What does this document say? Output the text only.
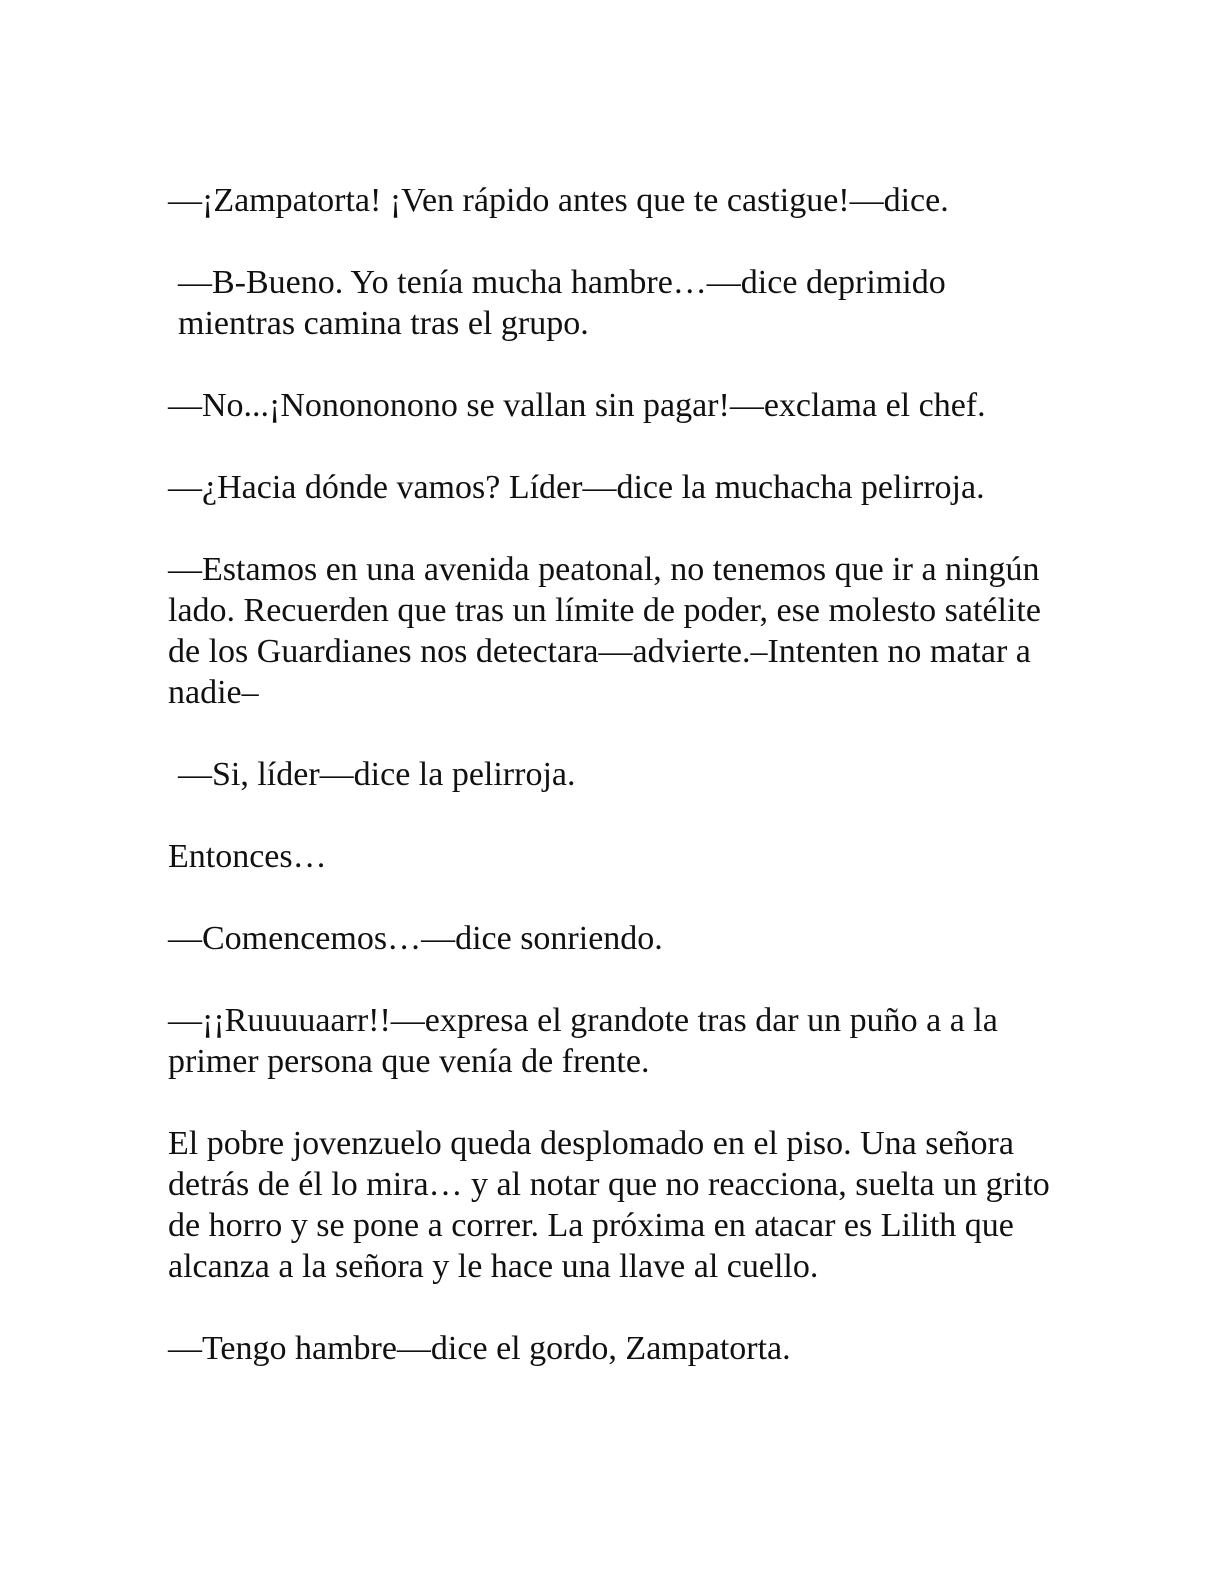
—¡Zampatorta! ¡Ven rápido antes que te castigue!—dice.

—B-Bueno. Yo tenía mucha hambre…—dice deprimido mientras camina tras el grupo.

—No...¡Nonononono se vallan sin pagar!—exclama el chef.

—¿Hacia dónde vamos? Líder—dice la muchacha pelirroja.

—Estamos en una avenida peatonal, no tenemos que ir a ningún lado. Recuerden que tras un límite de poder, ese molesto satélite de los Guardianes nos detectara—advierte.–Intenten no matar a nadie–

—Si, líder—dice la pelirroja.

Entonces…

—Comencemos…—dice sonriendo.

—¡¡Ruuuuaarr!!—expresa el grandote tras dar un puño a a la primer persona que venía de frente.

El pobre jovenzuelo queda desplomado en el piso. Una señora detrás de él lo mira… y al notar que no reacciona, suelta un grito de horro y se pone a correr. La próxima en atacar es Lilith que alcanza a la señora y le hace una llave al cuello.

—Tengo hambre—dice el gordo, Zampatorta.
